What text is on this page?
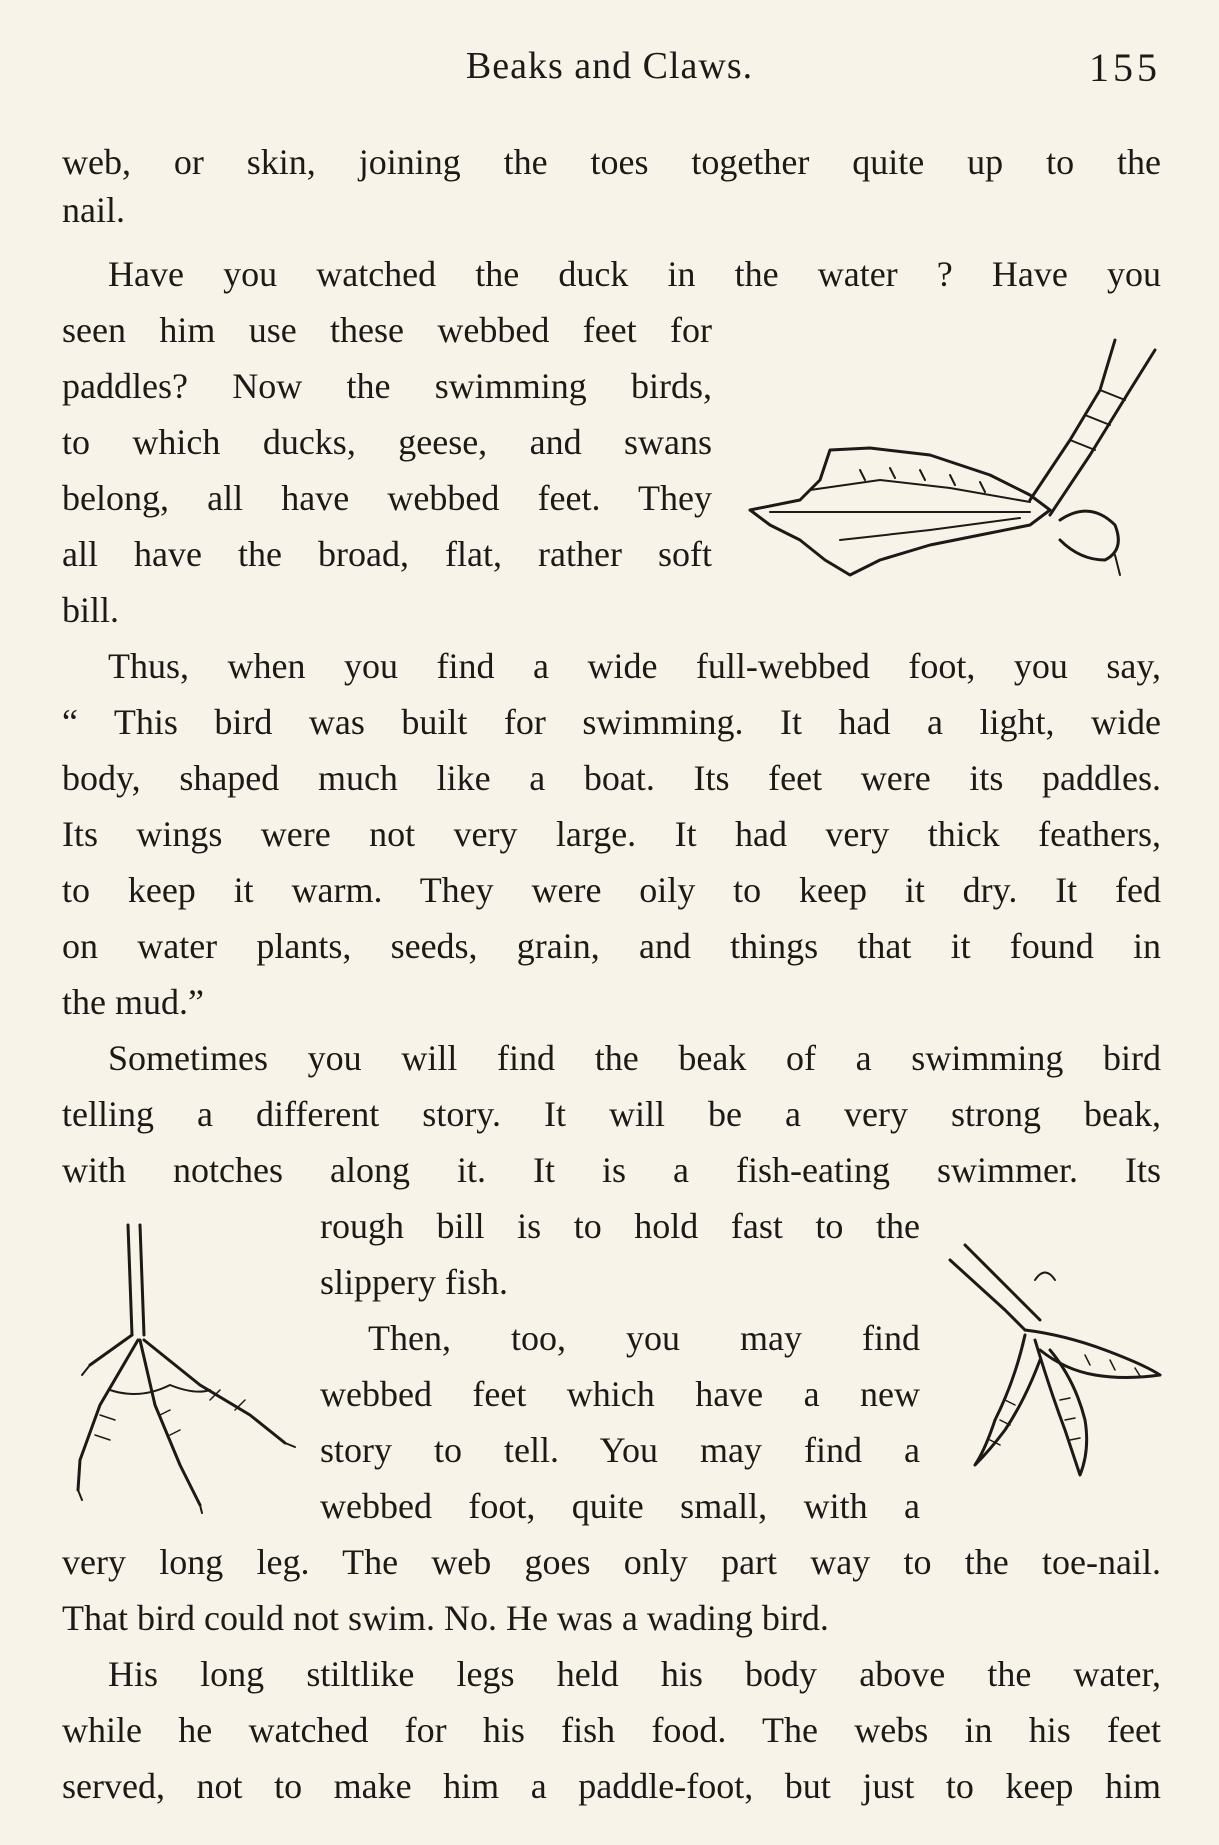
Beaks and Claws.	155
web, or skin, joining the toes together quite up to the
nail.
Have you watched the duck in the water ? Have you
seen him use these webbed feet for
paddles? Now the swimming birds,
to which ducks, geese, and swans
belong, all have webbed feet. They
all have the broad, flat, rather soft
bill.
Thus, when you find a wide full-webbed foot, you say,
“ This bird was built for swimming. It had a light, wide
body, shaped much like a boat. Its feet were its paddles.
Its wings were not very large. It had very thick feathers,
to keep it warm. They were oily to keep it dry. It fed
on water plants, seeds, grain, and things that it found in
the mud.”
Sometimes you will find the beak of a swimming bird
telling a different story. It will be a very strong beak,
with notches along it. It is a fish-eating swimmer. Its
rough bill is to hold fast to the
slippery fish.
Then, too, you may find
webbed feet which have a new
story to tell. You may find a
webbed foot, quite small, with a
very long leg. The web goes only part way to the toe-nail.
That bird could not swim. No. He was a wading bird.
His long stiltlike legs held his body above the water,
while he watched for his fish food. The webs in his feet
served, not to make him a paddle-foot, but just to keep him
